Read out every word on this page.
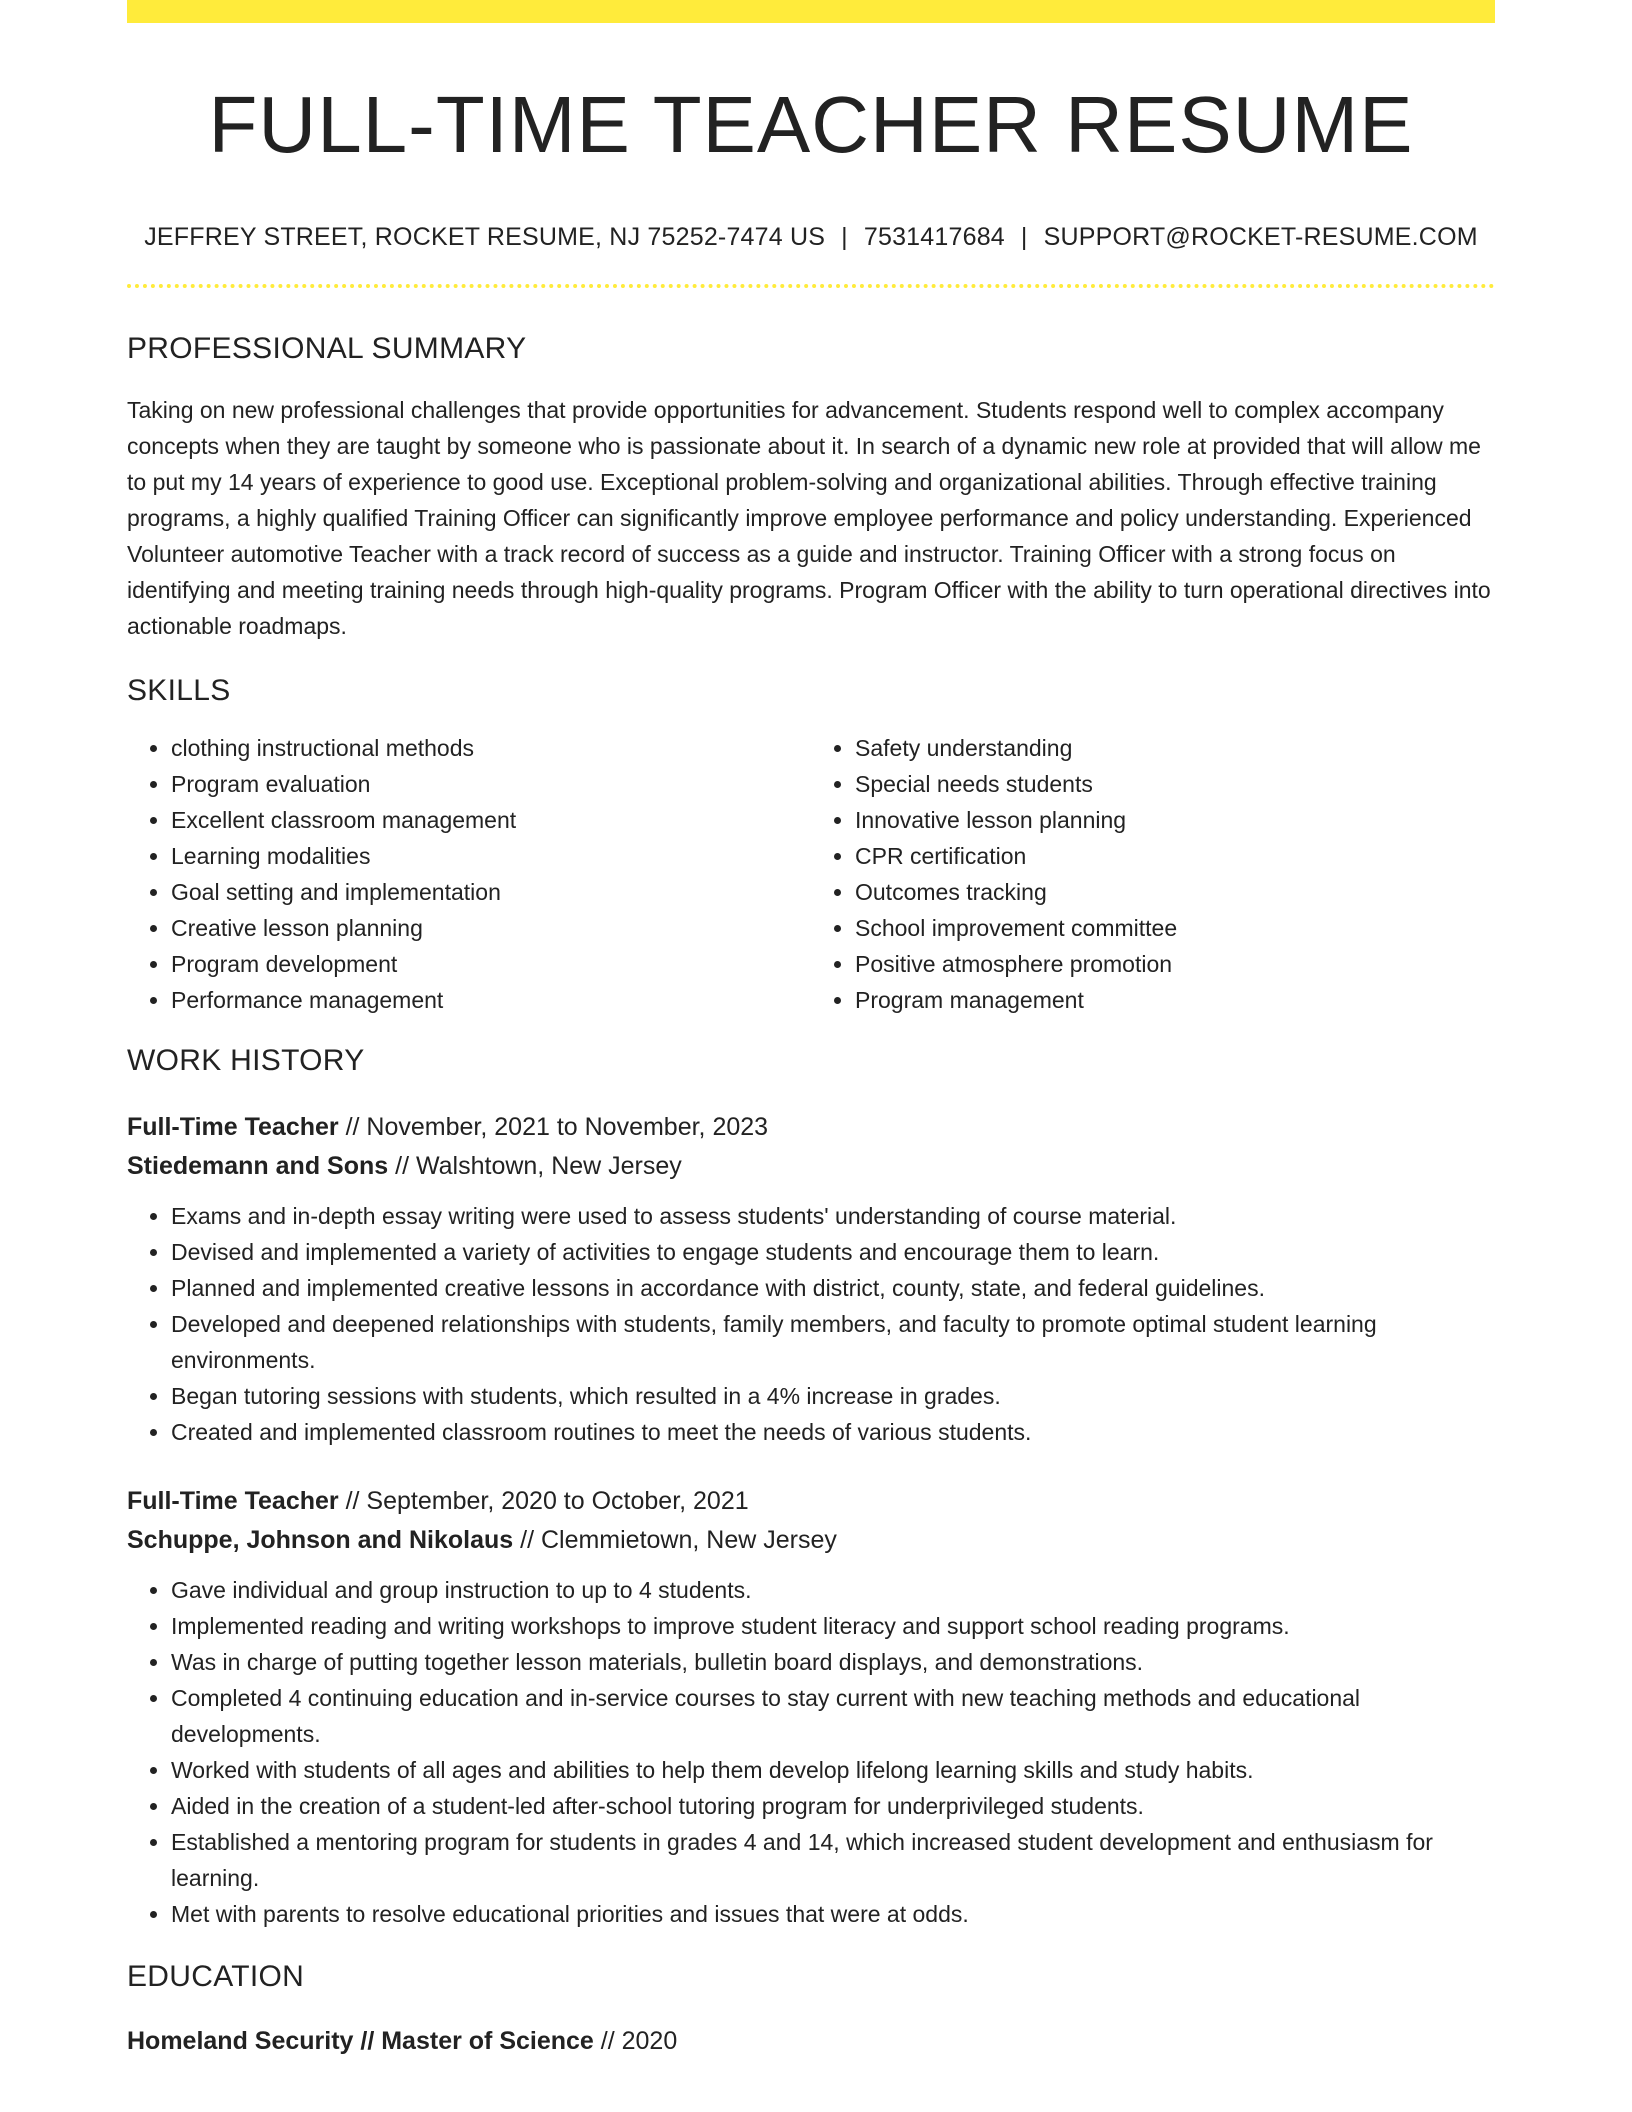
FULL-TIME TEACHER RESUME
JEFFREY STREET, ROCKET RESUME, NJ 75252-7474 US | 7531417684 | SUPPORT@ROCKET-RESUME.COM
PROFESSIONAL SUMMARY

Taking on new professional challenges that provide opportunities for advancement. Students respond well to complex accompany concepts when they are taught by someone who is passionate about it. In search of a dynamic new role at provided that will allow me to put my 14 years of experience to good use. Exceptional problem-solving and organizational abilities. Through effective training programs, a highly qualified Training Officer can significantly improve employee performance and policy understanding. Experienced Volunteer automotive Teacher with a track record of success as a guide and instructor. Training Officer with a strong focus on identifying and meeting training needs through high-quality programs. Program Officer with the ability to turn operational directives into actionable roadmaps.

SKILLS
• clothing instructional methods
• Program evaluation
• Excellent classroom management
• Learning modalities
• Goal setting and implementation
• Creative lesson planning
• Program development
• Performance management
• Safety understanding
• Special needs students
• Innovative lesson planning
• CPR certification
• Outcomes tracking
• School improvement committee
• Positive atmosphere promotion
• Program management
WORK HISTORY
Full-Time Teacher // November, 2021 to November, 2023
Stiedemann and Sons // Walshtown, New Jersey
• Exams and in-depth essay writing were used to assess students' understanding of course material.
• Devised and implemented a variety of activities to engage students and encourage them to learn.
• Planned and implemented creative lessons in accordance with district, county, state, and federal guidelines.
• Developed and deepened relationships with students, family members, and faculty to promote optimal student learning environments.
• Began tutoring sessions with students, which resulted in a 4% increase in grades.
• Created and implemented classroom routines to meet the needs of various students.
Full-Time Teacher // September, 2020 to October, 2021
Schuppe, Johnson and Nikolaus // Clemmietown, New Jersey
• Gave individual and group instruction to up to 4 students.
• Implemented reading and writing workshops to improve student literacy and support school reading programs.
• Was in charge of putting together lesson materials, bulletin board displays, and demonstrations.
• Completed 4 continuing education and in-service courses to stay current with new teaching methods and educational developments.
• Worked with students of all ages and abilities to help them develop lifelong learning skills and study habits.
• Aided in the creation of a student-led after-school tutoring program for underprivileged students.
• Established a mentoring program for students in grades 4 and 14, which increased student development and enthusiasm for learning.
• Met with parents to resolve educational priorities and issues that were at odds.
EDUCATION
Homeland Security // Master of Science // 2020
